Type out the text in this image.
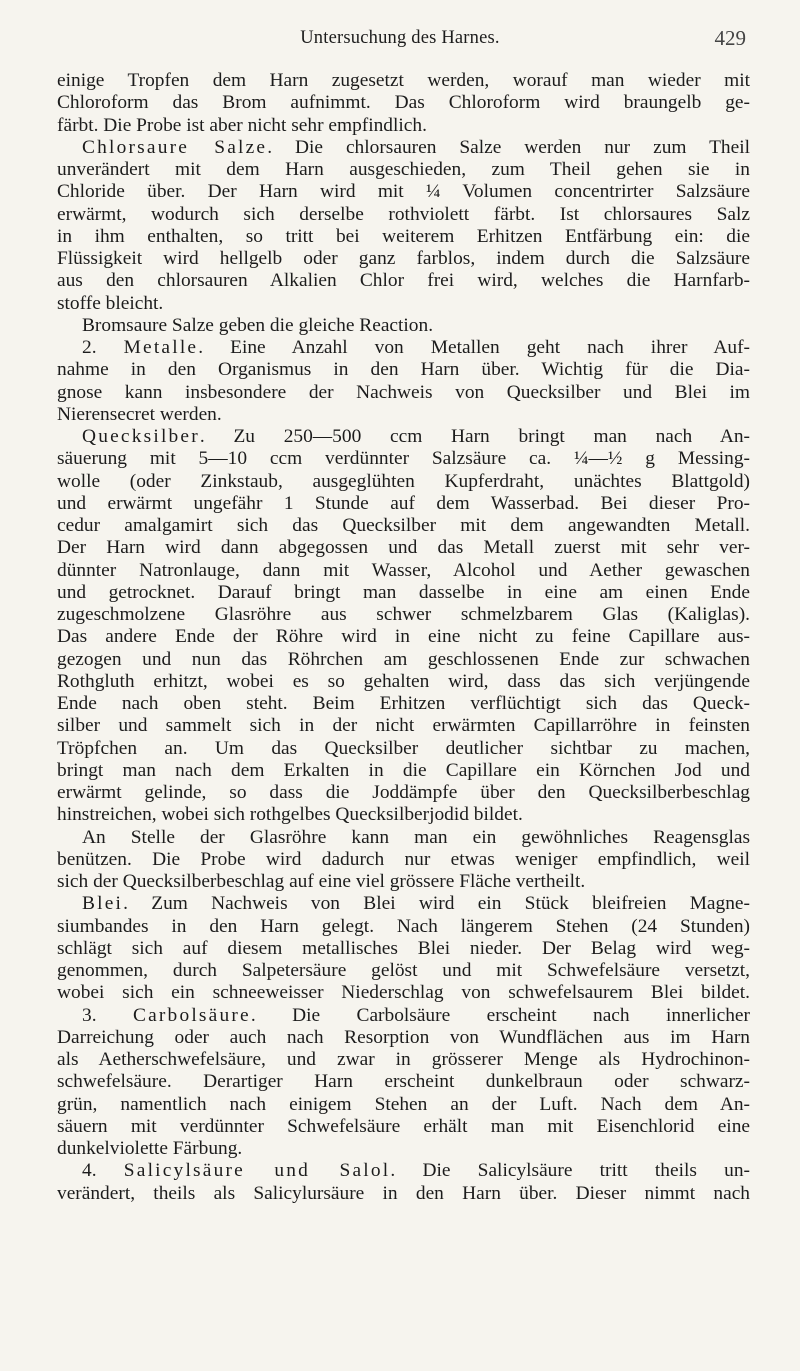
Untersuchung des Harnes.	429
einige Tropfen dem Harn zugesetzt werden, worauf man wieder mit
Chloroform das Brom aufnimmt. Das Chloroform wird braungelb ge-
färbt. Die Probe ist aber nicht sehr empfindlich.
Chlorsaure Salze. Die chlorsauren Salze werden nur zum Theil
unverändert mit dem Harn ausgeschieden, zum Theil gehen sie in
Chloride über. Der Harn wird mit ¼ Volumen concentrirter Salzsäure
erwärmt, wodurch sich derselbe rothviolett färbt. Ist chlorsaures Salz
in ihm enthalten, so tritt bei weiterem Erhitzen Entfärbung ein: die
Flüssigkeit wird hellgelb oder ganz farblos, indem durch die Salzsäure
aus den chlorsauren Alkalien Chlor frei wird, welches die Harnfarb-
stoffe bleicht.
Bromsaure Salze geben die gleiche Reaction.
2. Metalle. Eine Anzahl von Metallen geht nach ihrer Auf-
nahme in den Organismus in den Harn über. Wichtig für die Dia-
gnose kann insbesondere der Nachweis von Quecksilber und Blei im
Nierensecret werden.
Quecksilber. Zu 250—500 ccm Harn bringt man nach An-
säuerung mit 5—10 ccm verdünnter Salzsäure ca. ¼—½ g Messing-
wolle (oder Zinkstaub, ausgeglühten Kupferdraht, unächtes Blattgold)
und erwärmt ungefähr 1 Stunde auf dem Wasserbad. Bei dieser Pro-
cedur amalgamirt sich das Quecksilber mit dem angewandten Metall.
Der Harn wird dann abgegossen und das Metall zuerst mit sehr ver-
dünnter Natronlauge, dann mit Wasser, Alcohol und Aether gewaschen
und getrocknet. Darauf bringt man dasselbe in eine am einen Ende
zugeschmolzene Glasröhre aus schwer schmelzbarem Glas (Kaliglas).
Das andere Ende der Röhre wird in eine nicht zu feine Capillare aus-
gezogen und nun das Röhrchen am geschlossenen Ende zur schwachen
Rothgluth erhitzt, wobei es so gehalten wird, dass das sich verjüngende
Ende nach oben steht. Beim Erhitzen verflüchtigt sich das Queck-
silber und sammelt sich in der nicht erwärmten Capillarröhre in feinsten
Tröpfchen an. Um das Quecksilber deutlicher sichtbar zu machen,
bringt man nach dem Erkalten in die Capillare ein Körnchen Jod und
erwärmt gelinde, so dass die Joddämpfe über den Quecksilberbeschlag
hinstreichen, wobei sich rothgelbes Quecksilberjodid bildet.
An Stelle der Glasröhre kann man ein gewöhnliches Reagensglas
benützen. Die Probe wird dadurch nur etwas weniger empfindlich, weil
sich der Quecksilberbeschlag auf eine viel grössere Fläche vertheilt.
Blei. Zum Nachweis von Blei wird ein Stück bleifreien Magne-
siumbandes in den Harn gelegt. Nach längerem Stehen (24 Stunden)
schlägt sich auf diesem metallisches Blei nieder. Der Belag wird weg-
genommen, durch Salpetersäure gelöst und mit Schwefelsäure versetzt,
wobei sich ein schneeweisser Niederschlag von schwefelsaurem Blei bildet.
3. Carbolsäure. Die Carbolsäure erscheint nach innerlicher
Darreichung oder auch nach Resorption von Wundflächen aus im Harn
als Aetherschwefelsäure, und zwar in grösserer Menge als Hydrochinon-
schwefelsäure. Derartiger Harn erscheint dunkelbraun oder schwarz-
grün, namentlich nach einigem Stehen an der Luft. Nach dem An-
säuern mit verdünnter Schwefelsäure erhält man mit Eisenchlorid eine
dunkelviolette Färbung.
4. Salicylsäure und Salol. Die Salicylsäure tritt theils un-
verändert, theils als Salicylursäure in den Harn über. Dieser nimmt nach
